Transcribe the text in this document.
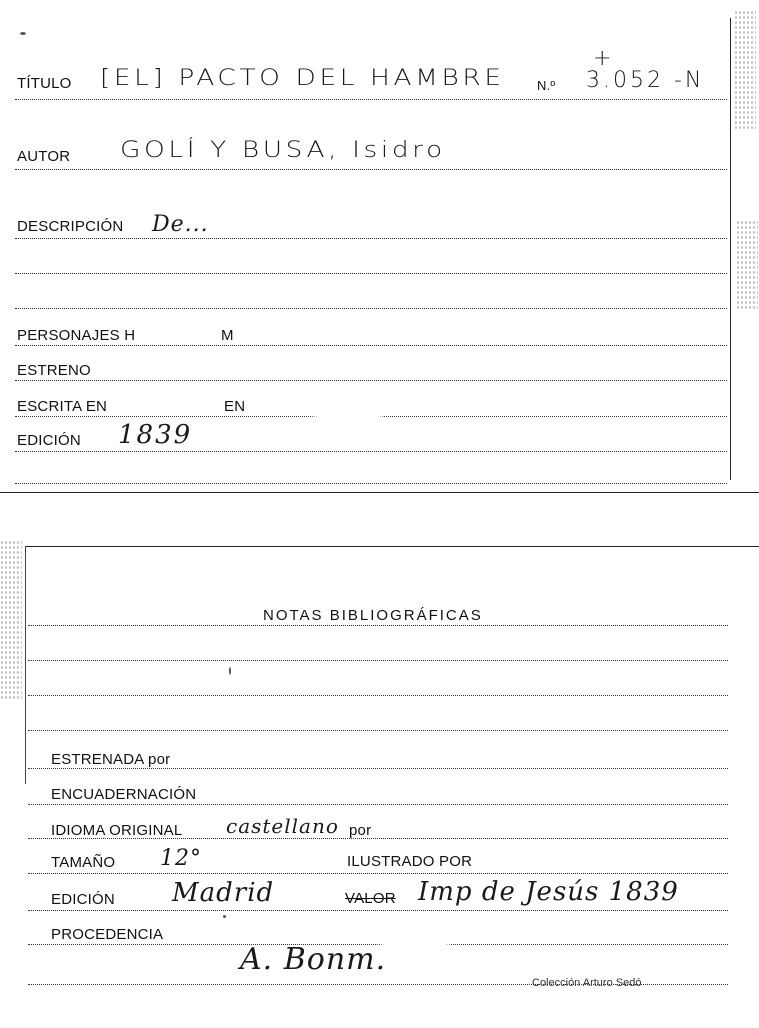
TÍTULO [EL] PACTO DEL HAMBRE N.º 3.052 -N
+
AUTOR GOLÍ Y BUSA, Isidro
DESCRIPCIÓN De...
PERSONAJES H	M
ESTRENO
ESCRITA EN	EN
EDICIÓN 1839
NOTAS BIBLIOGRÁFICAS
ESTRENADA por
ENCUADERNACIÓN
IDIOMA ORIGINAL castellano por
TAMAÑO 12°	ILUSTRADO POR
EDICIÓN Madrid	VALOR Imp de Jesús 1839
PROCEDENCIA
A. Bonm.
Colección Arturo Sedó
